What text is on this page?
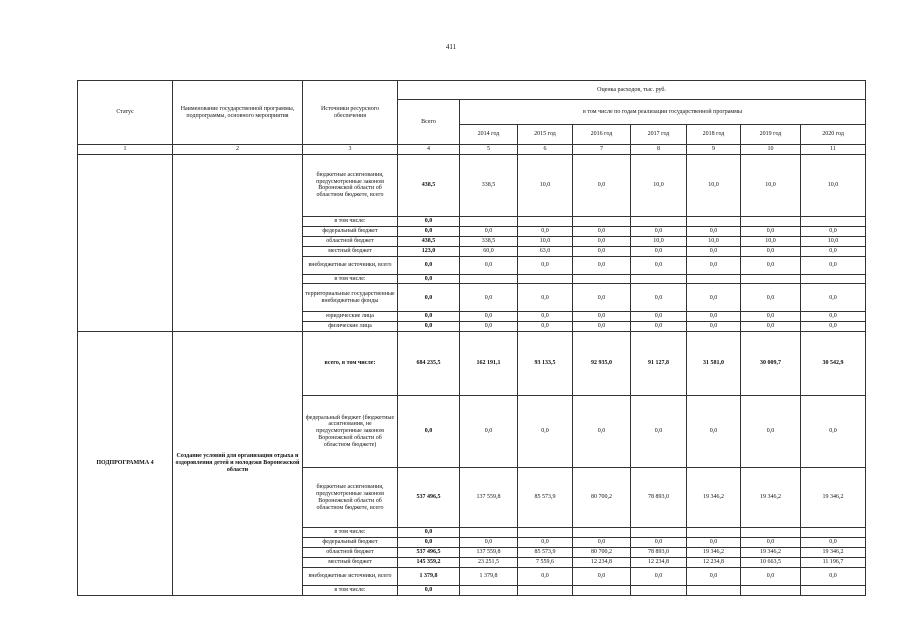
411
Статус	Наименование государственной программы, подпрограммы, основного мероприятия	Источники ресурсного обеспечения	Оценка расходов, тыс. руб.							
			Всего	в том числе по годам реализации государственной программы						
				2014 год	2015 год	2016 год	2017 год	2018 год	2019 год	2020 год
1	2	3	4	5	6	7	8	9	10	11
		бюджетные ассигнования, предусмотренные законом Воронежской области об областном бюджете, всего	438,5	338,5	10,0	0,0	10,0	10,0	10,0	10,0
		в том числе:	0,0							
		федеральный бюджет	0,0	0,0	0,0	0,0	0,0	0,0	0,0	0,0
		областной бюджет	438,5	338,5	10,0	0,0	10,0	10,0	10,0	10,0
		местный бюджет	123,0	60,0	63,0	0,0	0,0	0,0	0,0	0,0
		внебюджетные источники, всего	0,0	0,0	0,0	0,0	0,0	0,0	0,0	0,0
		в том числе:	0,0							
		территориальные государственные внебюджетные фонды	0,0	0,0	0,0	0,0	0,0	0,0	0,0	0,0
		юридические лица	0,0	0,0	0,0	0,0	0,0	0,0	0,0	0,0
		физические лица	0,0	0,0	0,0	0,0	0,0	0,0	0,0	0,0
ПОДПРОГРАММА 4	Создание условий для организации отдыха и оздоровления детей и молодежи Воронежской области	всего, в том числе:	684 235,5	162 191,1	93 133,5	92 935,0	91 127,8	31 581,0	30 009,7	30 542,9
		федеральный бюджет (бюджетные ассигнования, не предусмотренные законом Воронежской области об областном бюджете)	0,0	0,0	0,0	0,0	0,0	0,0	0,0	0,0
		бюджетные ассигнования, предусмотренные законом Воронежской области об областном бюджете, всего	537 496,5	137 559,8	85 573,9	80 700,2	78 893,0	19 346,2	19 346,2	19 346,2
		в том числе:	0,0							
		федеральный бюджет	0,0	0,0	0,0	0,0	0,0	0,0	0,0	0,0
		областной бюджет	537 496,5	137 559,8	85 573,9	80 700,2	78 893,0	19 346,2	19 346,2	19 346,2
		местный бюджет	145 359,2	23 251,5	7 559,6	12 234,8	12 234,8	12 234,8	10 663,5	11 196,7
		внебюджетные источники, всего	1 379,8	1 379,8	0,0	0,0	0,0	0,0	0,0	0,0
		в том числе:	0,0							
